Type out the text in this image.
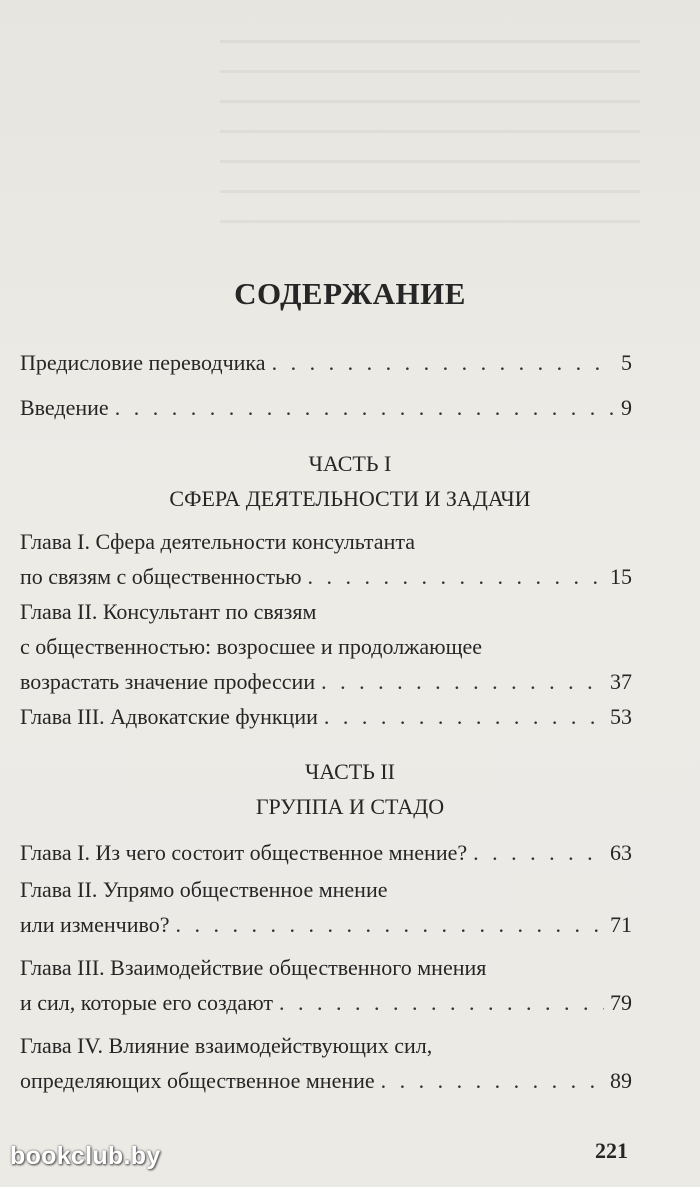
СОДЕРЖАНИЕ
Предисловие переводчика . . .	5
Введение . . .	9
ЧАСТЬ I
СФЕРА ДЕЯТЕЛЬНОСТИ И ЗАДАЧИ
Глава I. Сфера деятельности консультанта
по связям с общественностью . . .	15
Глава II. Консультант по связям
с общественностью: возросшее и продолжающее
возрастать значение профессии . . .	37
Глава III. Адвокатские функции . . .	53
ЧАСТЬ II
ГРУППА И СТАДО
Глава I. Из чего состоит общественное мнение? . . .	63
Глава II. Упрямо общественное мнение
или изменчиво? . . .	71
Глава III. Взаимодействие общественного мнения
и сил, которые его создают . . .	79
Глава IV. Влияние взаимодействующих сил,
определяющих общественное мнение . . .	89
221
bookclub.by
